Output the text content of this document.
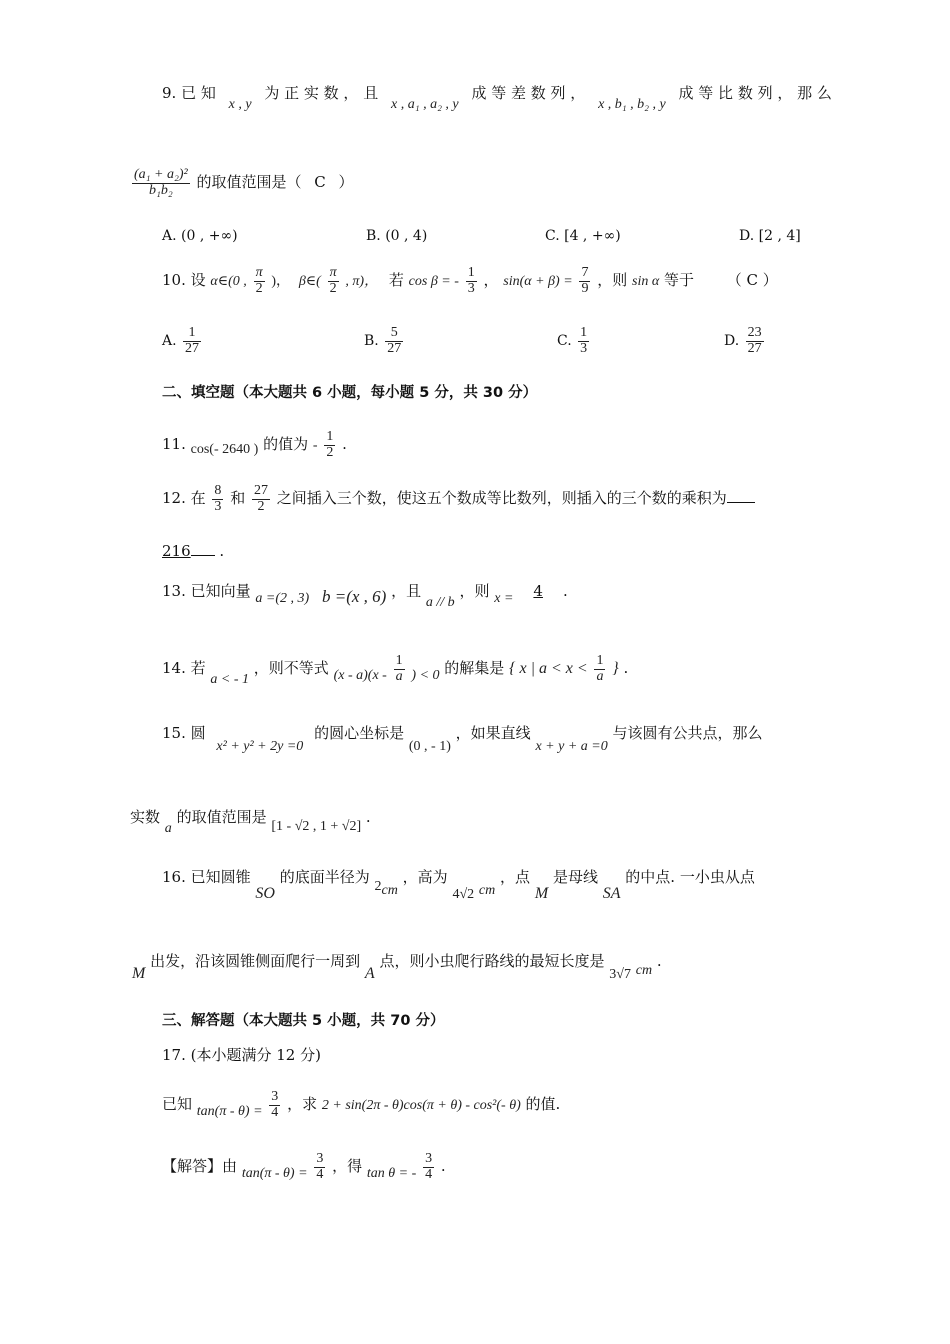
9. 已 知 x , y 为 正 实 数 ， 且 x , a₁ , a₂ , y 成 等 差 数 列 ， x , b₁ , b₂ , y 成 等 比 数 列 ， 那 么
$\frac{\text{(a₁ + a₂)²}}{\text{b₁b₂}}$ 的取值范围是（ C ）
A. (0 , +∞)	B. (0 , 4)	C. [4 , +∞)	D. [2 , 4]
10. 设 α∈(0 , $\frac{\pi}{2}$ )， β∈( $\frac{\pi}{2}$ , π)， 若 cos β = - $\frac{1}{3}$ ， $\sin(\alpha + \beta) = \frac{7}{9}$ ，则 sin α 等于 （ C ）
A. $\frac{1}{27}$	B. $\frac{5}{27}$	C. $\frac{1}{3}$	D. $\frac{23}{27}$
二、填空题（本大题共 6 小题，每小题 5 分，共 30 分）
11. cos(- 2640 ) 的值为 - $\frac{1}{2}$ .
12. 在 $\frac{8}{3}$ 和 $\frac{27}{2}$ 之间插入三个数，使这五个数成等比数列，则插入的三个数的乘积为
216 .
13. 已知向量 a =(2 , 3) b =(x , 6) ，且 a // b ，则 x = 4 .
14. 若 a < - 1 ，则不等式 $(x - a)(x - \frac{1}{a}$ ) < 0 的解集是 { x | $a < x < \frac{1}{a}$ } .
15. 圆 x² + y² + 2y =0 的圆心坐标是 (0 , - 1) ，如果直线 x + y + a =0 与该圆有公共点，那么
实数 a 的取值范围是 [1 - √2 , 1 + √2] .
16. 已知圆锥 SO 的底面半径为 2cm ，高为 4√2 cm ，点 M 是母线 SA 的中点. 一小虫从点
M 出发，沿该圆锥侧面爬行一周到 A 点，则小虫爬行路线的最短长度是 3√7 cm .
三、解答题（本大题共 5 小题，共 70 分）
17. (本小题满分 12 分)
已知 $\tan(\pi - \theta) = \frac{3}{4}$ ，求 2 + sin(2π - θ)cos(π + θ) - cos²(- θ) 的值.
【解答】由 $\tan(\pi - \theta) = \frac{3}{4}$ ，得 tan θ = - $\frac{3}{4}$ .
